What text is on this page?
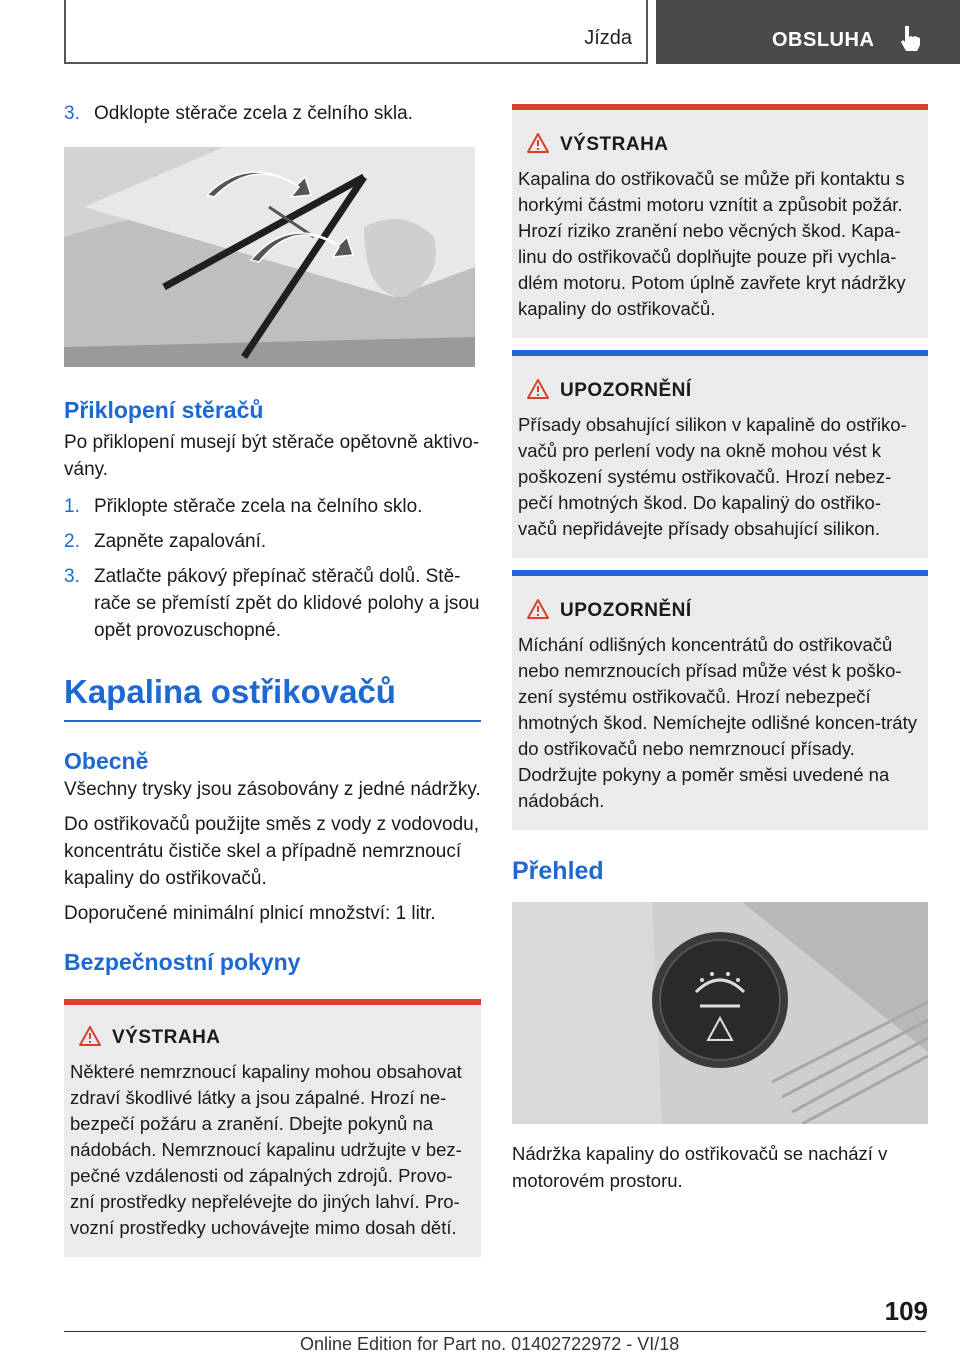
Jízda	OBSLUHA
3. Odklopte stěrače zcela z čelního skla.
Přiklopení stěračů

Po přiklopení musejí být stěrače opětovně aktivo-vány.

1. Přiklopte stěrače zcela na čelního sklo.
2. Zapněte zapalování.
3. Zatlačte pákový přepínač stěračů dolů. Stě-rače se přemístí zpět do klidové polohy a jsou opět provozuschopné.
Kapalina ostřikovačů
Obecně

Všechny trysky jsou zásobovány z jedné nádržky.

Do ostřikovačů použijte směs z vody z vodovodu, koncentrátu čističe skel a případně nemrznoucí kapaliny do ostřikovačů.

Doporučené minimální plnicí množství: 1 litr.

Bezpečnostní pokyny
VÝSTRAHA
Některé nemrznoucí kapaliny mohou obsahovat zdraví škodlivé látky a jsou zápalné. Hrozí ne-bezpečí požáru a zranění. Dbejte pokynů na nádobách. Nemrznoucí kapalinu udržujte v bez-pečné vzdálenosti od zápalných zdrojů. Provo-zní prostředky nepřelévejte do jiných lahví. Pro-vozní prostředky uchovávejte mimo dosah dětí.
VÝSTRAHA
Kapalina do ostřikovačů se může při kontaktu s horkými částmi motoru vznítit a způsobit požár. Hrozí riziko zranění nebo věcných škod. Kapa-linu do ostřikovačů doplňujte pouze při vychla-dlém motoru. Potom úplně zavřete kryt nádržky kapaliny do ostřikovačů.
UPOZORNĚNÍ
Přísady obsahující silikon v kapalině do ostřiko-vačů pro perlení vody na okně mohou vést k poškození systému ostřikovačů. Hrozí nebez-pečí hmotných škod. Do kapalinÿ do ostřiko-vačů nepřidávejte přísady obsahující silikon.
UPOZORNĚNÍ
Míchání odlišných koncentrátů do ostřikovačů nebo nemrznoucích přísad může vést k poško-zení systému ostřikovačů. Hrozí nebezpečí hmotných škod. Nemíchejte odlišné koncen-tráty do ostřikovačů nebo nemrznoucí přísady. Dodržujte pokyny a poměr směsi uvedené na nádobách.
Přehled

Nádržka kapaliny do ostřikovačů se nachází v motorovém prostoru.

109
Online Edition for Part no. 01402722972 - VI/18
